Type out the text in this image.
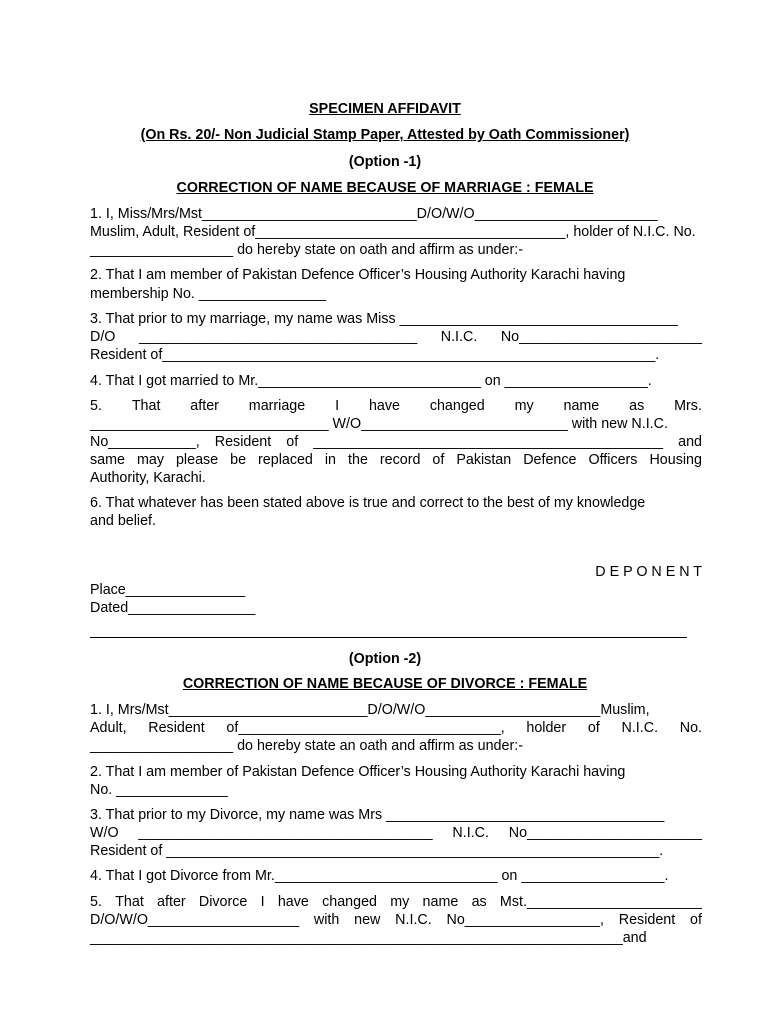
SPECIMEN AFFIDAVIT
(On Rs. 20/- Non Judicial Stamp Paper, Attested by Oath Commissioner)
(Option -1)
CORRECTION OF NAME BECAUSE OF MARRIAGE : FEMALE
1. I, Miss/Mrs/Mst___________________________D/O/W/O_______________________
Muslim, Adult, Resident of_______________________________________, holder of N.I.C. No.
__________________ do hereby state on oath and affirm as under:-
2. That I am member of Pakistan Defence Officer’s Housing Authority Karachi having
membership No. ________________
3. That prior to my marriage, my name was Miss ___________________________________
D/O ___________________________________ N.I.C. No_______________________
Resident of______________________________________________________________.
4. That I got married to Mr.____________________________ on __________________.
5. That after marriage I have changed my name as Mrs.
______________________________ W/O__________________________ with new N.I.C.
No___________, Resident of ____________________________________________ and
same may please be replaced in the record of Pakistan Defence Officers Housing
Authority, Karachi.
6. That whatever has been stated above is true and correct to the best of my knowledge
and belief.
D E P O N E N T
Place_______________
Dated________________
(Option -2)
CORRECTION OF NAME BECAUSE OF DIVORCE : FEMALE
1. I, Mrs/Mst_________________________D/O/W/O______________________Muslim,
Adult, Resident of_________________________________, holder of N.I.C. No.
__________________ do hereby state an oath and affirm as under:-
2. That I am member of Pakistan Defence Officer’s Housing Authority Karachi having
No. ______________
3. That prior to my Divorce, my name was Mrs ___________________________________
W/O _____________________________________ N.I.C. No______________________
Resident of ______________________________________________________________.
4. That I got Divorce from Mr.____________________________ on __________________.
5. That after Divorce I have changed my name as Mst.______________________
D/O/W/O___________________ with new N.I.C. No_________________, Resident of
___________________________________________________________________and
